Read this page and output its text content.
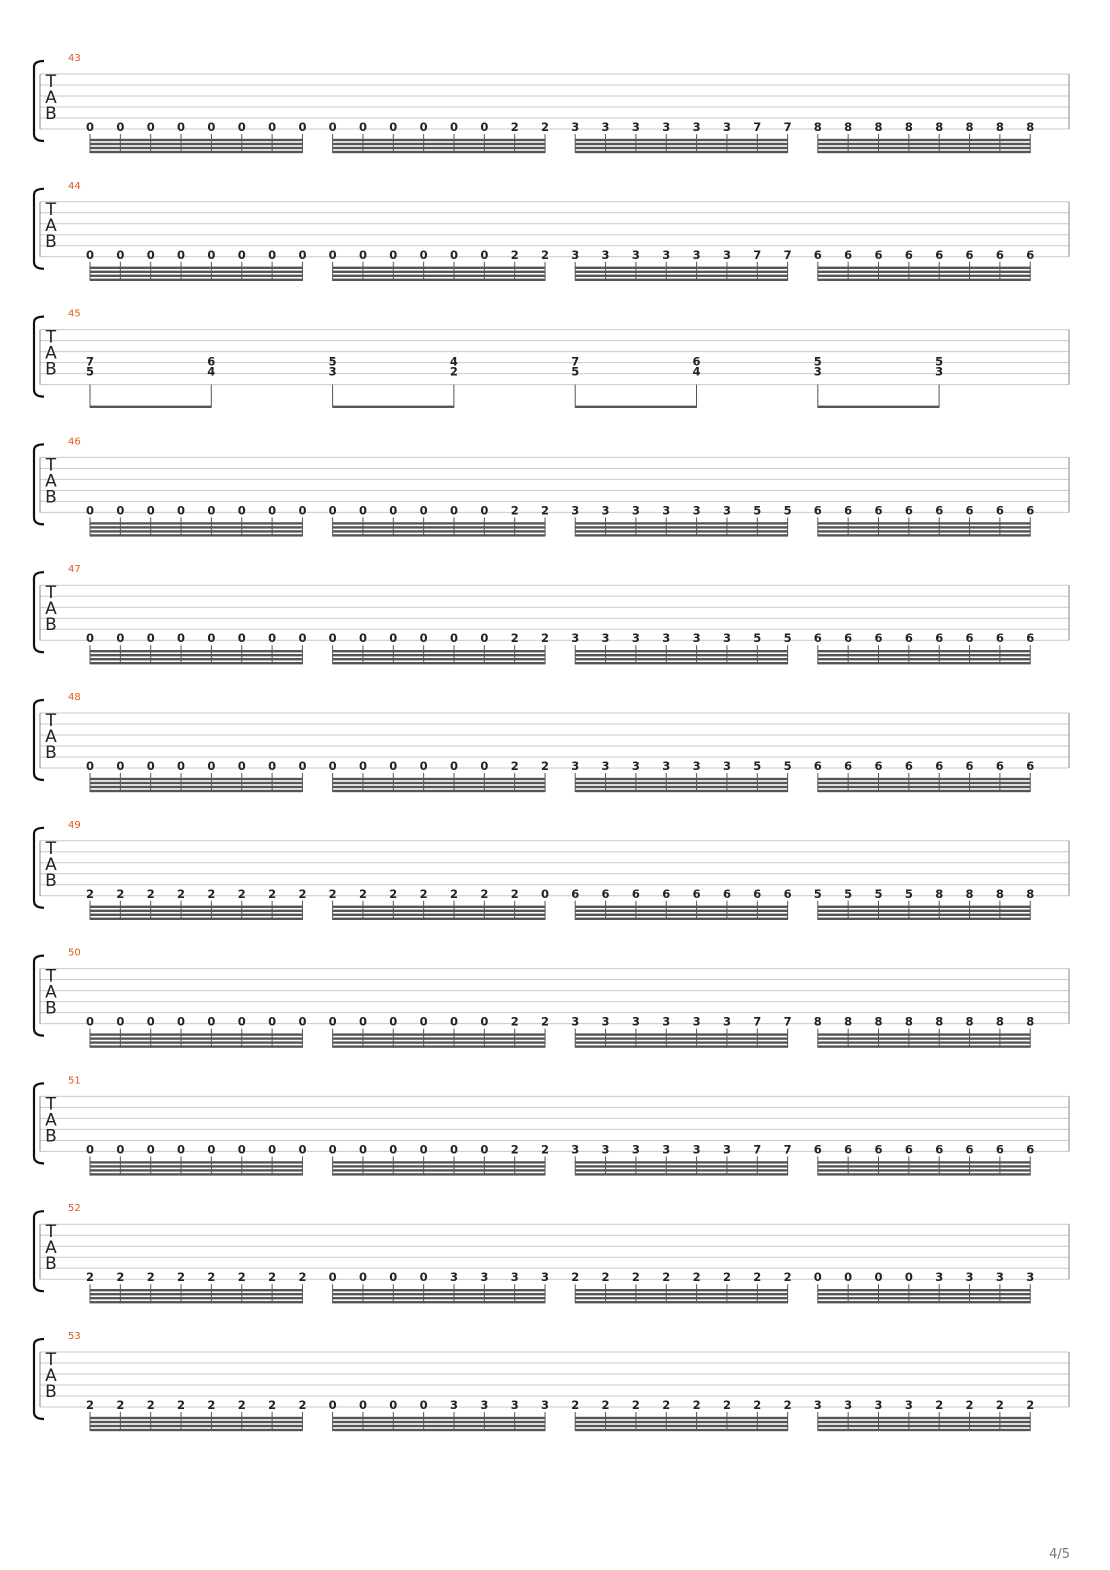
43
T
A
B
0 0 0 0 0 0 0 0 0 0 0 0 0 0 2 2 3 3 3 3 3 3 7 7 8 8 8 8 8 8 8 8
44
T
A
B
0 0 0 0 0 0 0 0 0 0 0 0 0 0 2 2 3 3 3 3 3 3 7 7 6 6 6 6 6 6 6 6
45
T
A
B	7
5
6
4
5
3
4
2
7
5
6
4
5
3
5
3
46
T
A
B
0 0 0 0 0 0 0 0 0 0 0 0 0 0 2 2 3 3 3 3 3 3 5 5 6 6 6 6 6 6 6 6
47
T
A
B
0 0 0 0 0 0 0 0 0 0 0 0 0 0 2 2 3 3 3 3 3 3 5 5 6 6 6 6 6 6 6 6
48
T
A
B
0 0 0 0 0 0 0 0 0 0 0 0 0 0 2 2 3 3 3 3 3 3 5 5 6 6 6 6 6 6 6 6
49
T
A
B
2 2 2 2 2 2 2 2 2 2 2 2 2 2 2 0 6 6 6 6 6 6 6 6 5 5 5 5 8 8 8 8
50
T
A
B
0 0 0 0 0 0 0 0 0 0 0 0 0 0 2 2 3 3 3 3 3 3 7 7 8 8 8 8 8 8 8 8
51
T
A
B
0 0 0 0 0 0 0 0 0 0 0 0 0 0 2 2 3 3 3 3 3 3 7 7 6 6 6 6 6 6 6 6
52
T
A
B
2 2 2 2 2 2 2 2 0 0 0 0 3 3 3 3 2 2 2 2 2 2 2 2 0 0 0 0 3 3 3 3
53
T
A
B
2 2 2 2 2 2 2 2 0 0 0 0 3 3 3 3 2 2 2 2 2 2 2 2 3 3 3 3 2 2 2 2
4/5
